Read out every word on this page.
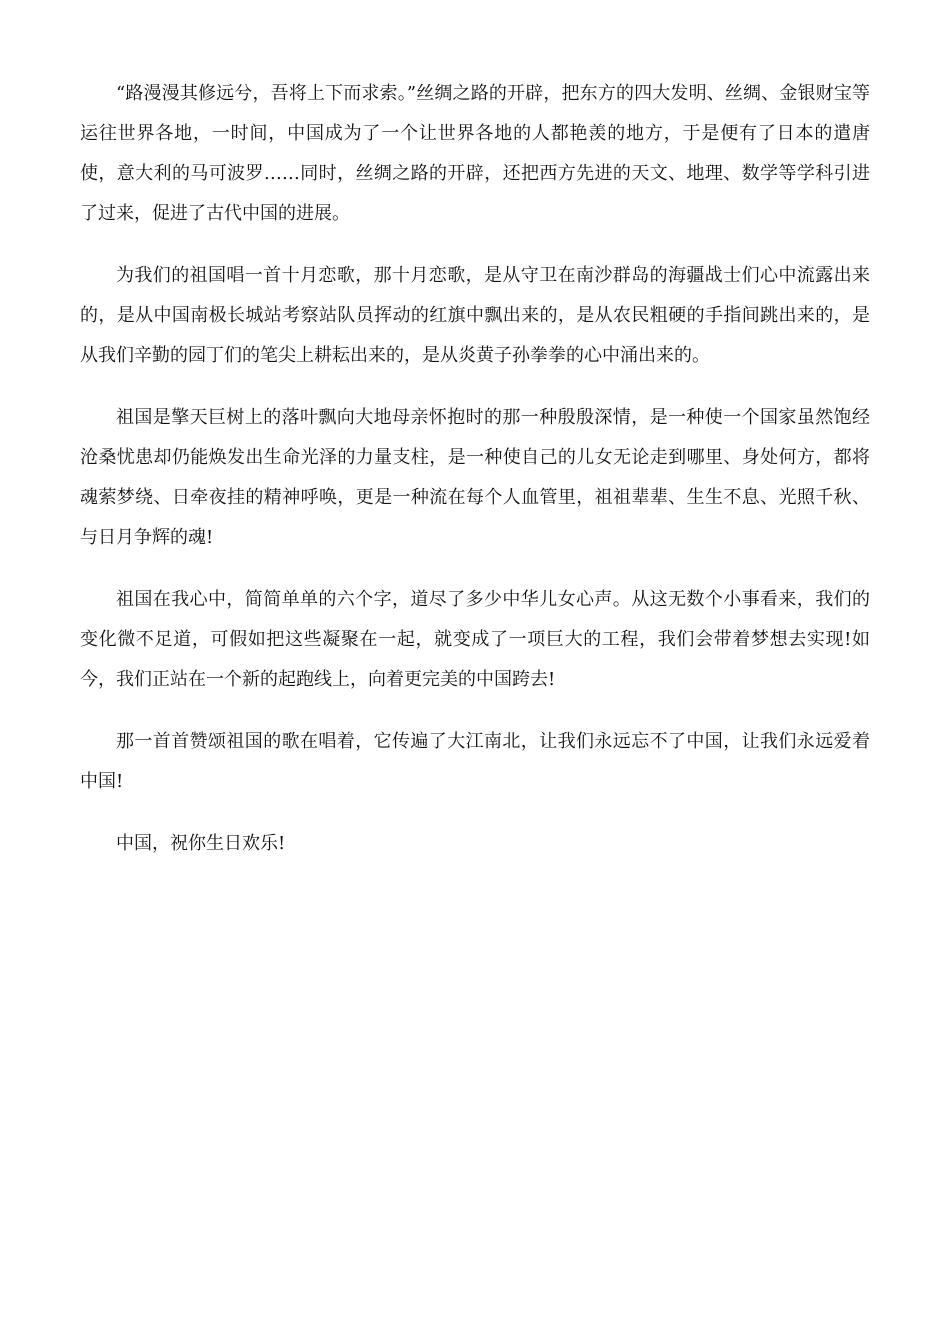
“路漫漫其修远兮，吾将上下而求索。”丝绸之路的开辟，把东方的四大发明、丝绸、金银财宝等运往世界各地，一时间，中国成为了一个让世界各地的人都艳羡的地方，于是便有了日本的遣唐使，意大利的马可波罗……同时，丝绸之路的开辟，还把西方先进的天文、地理、数学等学科引进了过来，促进了古代中国的进展。

为我们的祖国唱一首十月恋歌，那十月恋歌，是从守卫在南沙群岛的海疆战士们心中流露出来的，是从中国南极长城站考察站队员挥动的红旗中飘出来的，是从农民粗硬的手指间跳出来的，是从我们辛勤的园丁们的笔尖上耕耘出来的，是从炎黄子孙拳拳的心中涌出来的。

祖国是擎天巨树上的落叶飘向大地母亲怀抱时的那一种殷殷深情，是一种使一个国家虽然饱经沧桑忧患却仍能焕发出生命光泽的力量支柱，是一种使自己的儿女无论走到哪里、身处何方，都将魂萦梦绕、日牵夜挂的精神呼唤，更是一种流在每个人血管里，祖祖辈辈、生生不息、光照千秋、与日月争辉的魂!

祖国在我心中，简简单单的六个字，道尽了多少中华儿女心声。从这无数个小事看来，我们的变化微不足道，可假如把这些凝聚在一起，就变成了一项巨大的工程，我们会带着梦想去实现!如今，我们正站在一个新的起跑线上，向着更完美的中国跨去!

那一首首赞颂祖国的歌在唱着，它传遍了大江南北，让我们永远忘不了中国，让我们永远爱着中国!

中国，祝你生日欢乐!
